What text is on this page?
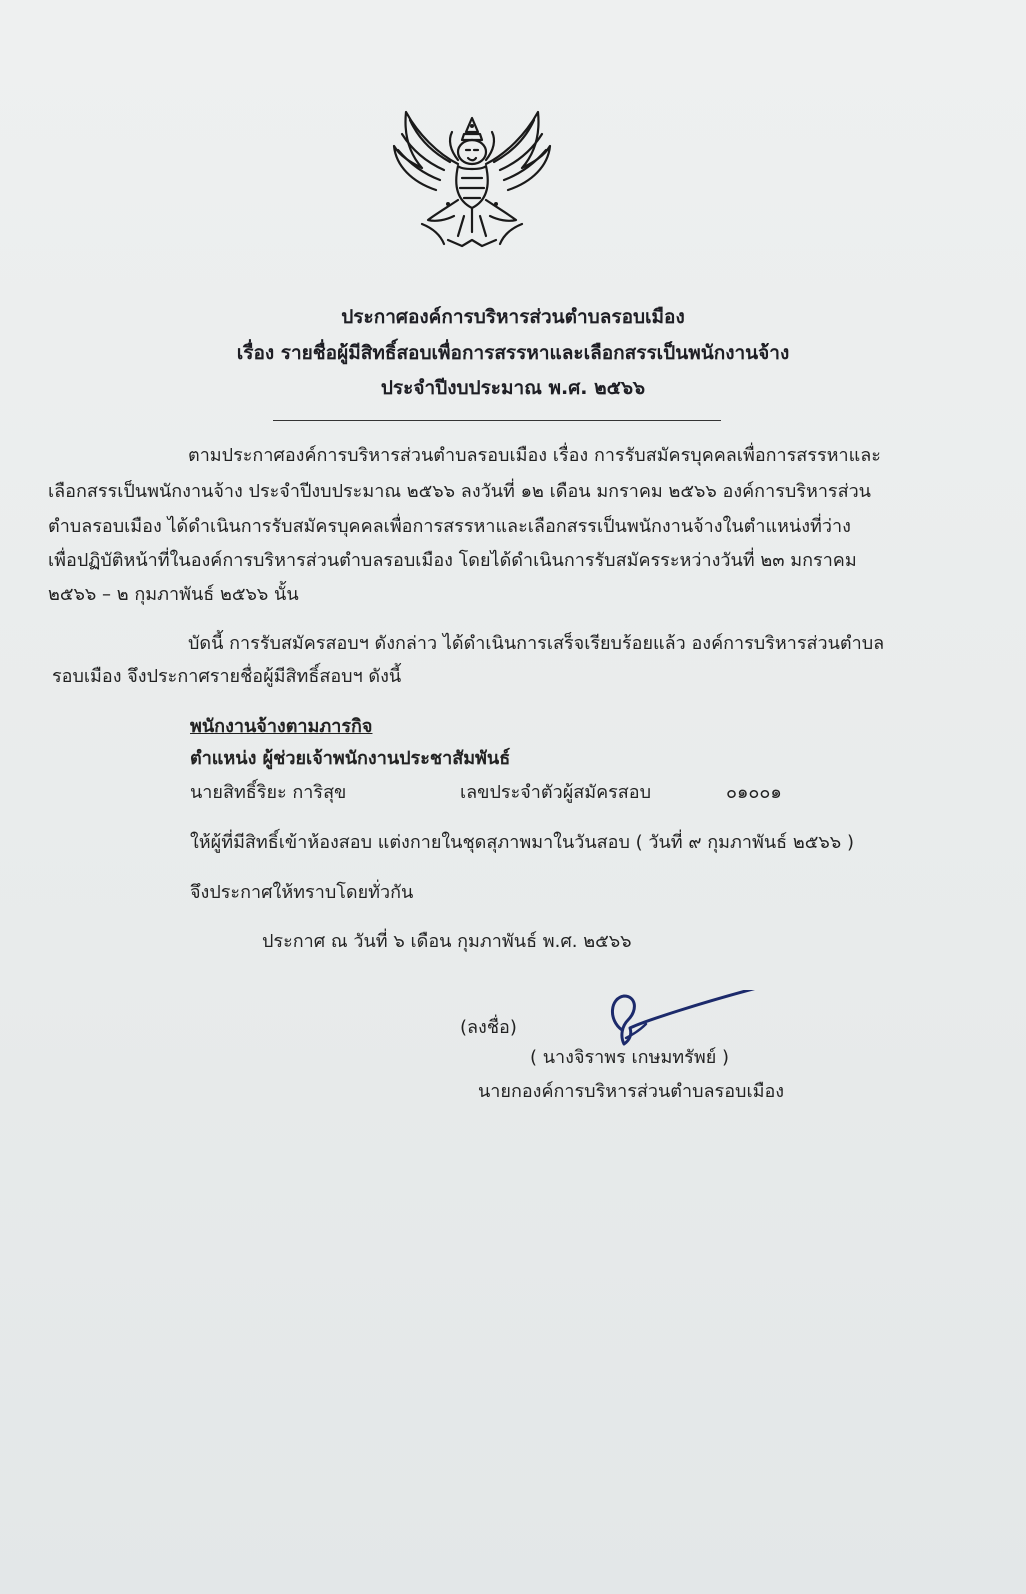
ประกาศองค์การบริหารส่วนตำบลรอบเมือง
เรื่อง รายชื่อผู้มีสิทธิ์สอบเพื่อการสรรหาและเลือกสรรเป็นพนักงานจ้าง
ประจำปีงบประมาณ พ.ศ. ๒๕๖๖
ตามประกาศองค์การบริหารส่วนตำบลรอบเมือง เรื่อง การรับสมัครบุคคลเพื่อการสรรหาและ
เลือกสรรเป็นพนักงานจ้าง ประจำปีงบประมาณ ๒๕๖๖ ลงวันที่ ๑๒ เดือน มกราคม ๒๕๖๖ องค์การบริหารส่วน
ตำบลรอบเมือง ได้ดำเนินการรับสมัครบุคคลเพื่อการสรรหาและเลือกสรรเป็นพนักงานจ้างในตำแหน่งที่ว่าง
เพื่อปฏิบัติหน้าที่ในองค์การบริหารส่วนตำบลรอบเมือง โดยได้ดำเนินการรับสมัครระหว่างวันที่ ๒๓ มกราคม
๒๕๖๖ – ๒ กุมภาพันธ์ ๒๕๖๖ นั้น
บัดนี้ การรับสมัครสอบฯ ดังกล่าว ได้ดำเนินการเสร็จเรียบร้อยแล้ว องค์การบริหารส่วนตำบล
รอบเมือง จึงประกาศรายชื่อผู้มีสิทธิ์สอบฯ ดังนี้
พนักงานจ้างตามภารกิจ
ตำแหน่ง ผู้ช่วยเจ้าพนักงานประชาสัมพันธ์
นายสิทธิ์ริยะ การิสุข	เลขประจำตัวผู้สมัครสอบ	๐๑๐๐๑
ให้ผู้ที่มีสิทธิ์เข้าห้องสอบ แต่งกายในชุดสุภาพมาในวันสอบ ( วันที่ ๙ กุมภาพันธ์ ๒๕๖๖ )
จึงประกาศให้ทราบโดยทั่วกัน
ประกาศ ณ วันที่ ๖ เดือน กุมภาพันธ์ พ.ศ. ๒๕๖๖
(ลงชื่อ)
( นางจิราพร เกษมทรัพย์ )
นายกองค์การบริหารส่วนตำบลรอบเมือง
